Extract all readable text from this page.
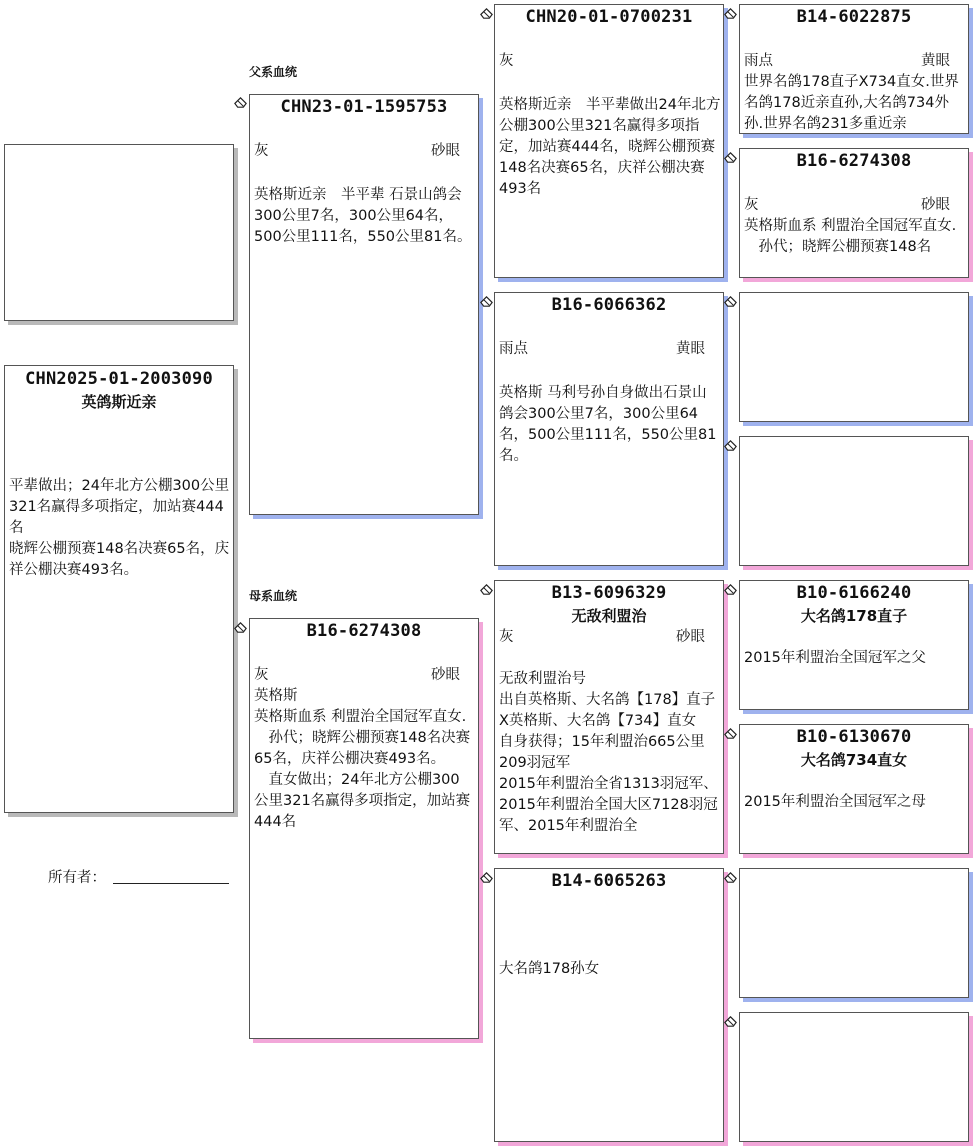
父系血统
母系血统
CHN2025-01-2003090
英鸽斯近亲
平辈做出；24年北方公棚300公里321名赢得多项指定，加站赛444名
晓辉公棚预赛148名决赛65名，庆祥公棚决赛493名。
所有者：
CHN23-01-1595753
灰	砂眼
英格斯近亲　半平辈 石景山鸽会300公里7名，300公里64名，500公里111名，550公里81名。
B16-6274308
灰	砂眼
英格斯
英格斯血系 利盟治全国冠军直女.
　孙代；晓辉公棚预赛148名决赛65名，庆祥公棚决赛493名。
　直女做出；24年北方公棚300公里321名赢得多项指定，加站赛444名
CHN20-01-0700231
灰
英格斯近亲　半平辈做出24年北方公棚300公里321名赢得多项指定，加站赛444名，晓辉公棚预赛148名决赛65名，庆祥公棚决赛493名
B16-6066362
雨点	黄眼
英格斯 马利号孙自身做出石景山鸽会300公里7名，300公里64名，500公里111名，550公里81名。
B13-6096329
无敌利盟治
灰	砂眼
无敌利盟治号
出自英格斯、大名鸽【178】直子X英格斯、大名鸽【734】直女
自身获得；15年利盟治665公里209羽冠军
2015年利盟治全省1313羽冠军、2015年利盟治全国大区7128羽冠军、2015年利盟治全
B14-6065263
大名鸽178孙女
B14-6022875
雨点	黄眼
世界名鸽178直子X734直女.世界名鸽178近亲直孙,大名鸽734外孙.世界名鸽231多重近亲
B16-6274308
灰	砂眼
英格斯血系 利盟治全国冠军直女.
　孙代；晓辉公棚预赛148名
B10-6166240
大名鸽178直子
2015年利盟治全国冠军之父
B10-6130670
大名鸽734直女
2015年利盟治全国冠军之母
